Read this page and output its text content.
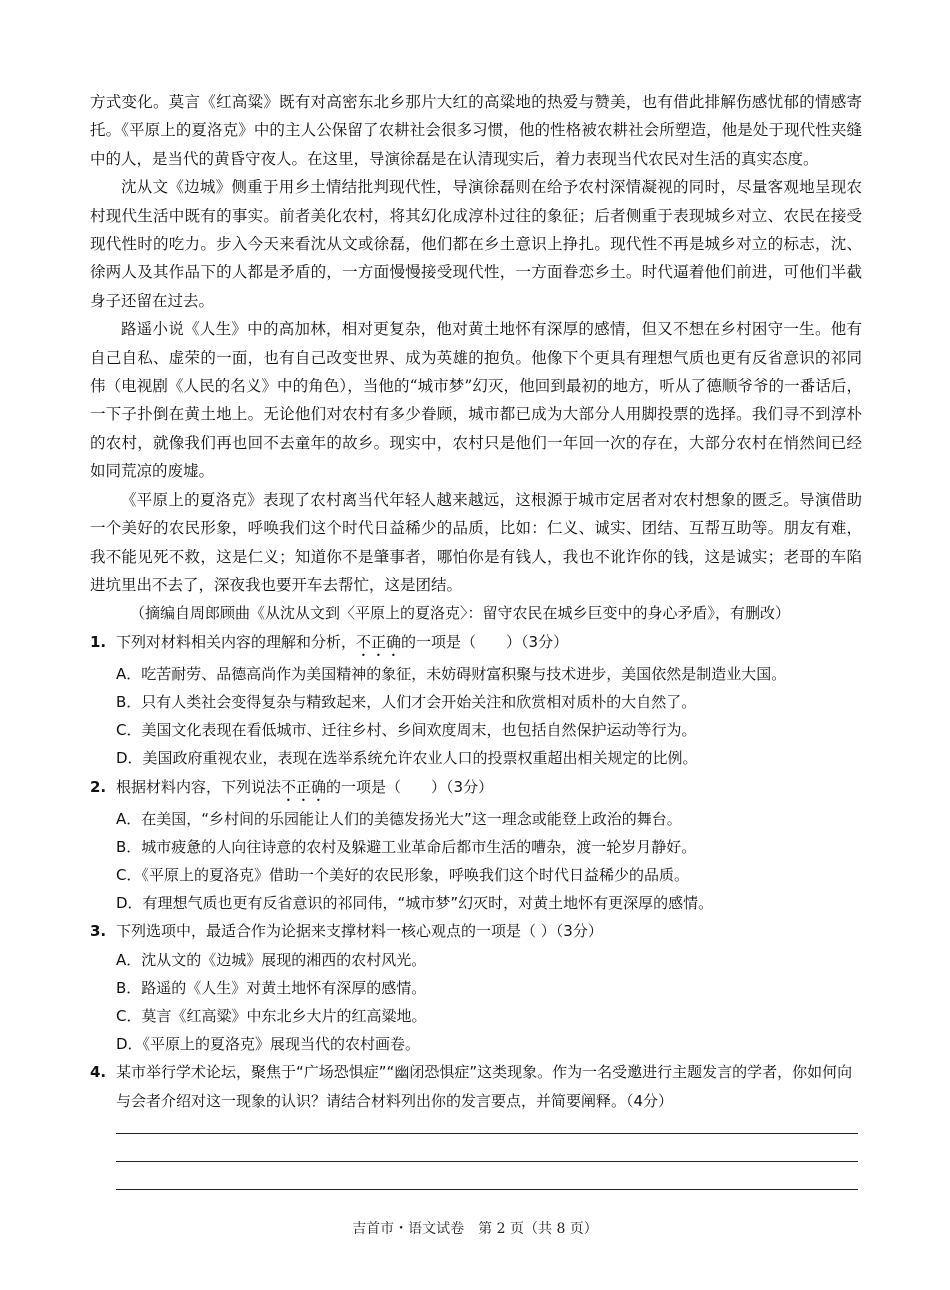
方式变化。莫言《红高粱》既有对高密东北乡那片大红的高粱地的热爱与赞美，也有借此排解伤感忧郁的情感寄托。《平原上的夏洛克》中的主人公保留了农耕社会很多习惯，他的性格被农耕社会所塑造，他是处于现代性夹缝中的人，是当代的黄昏守夜人。在这里，导演徐磊是在认清现实后，着力表现当代农民对生活的真实态度。

沈从文《边城》侧重于用乡土情结批判现代性，导演徐磊则在给予农村深情凝视的同时，尽量客观地呈现农村现代生活中既有的事实。前者美化农村，将其幻化成淳朴过往的象征；后者侧重于表现城乡对立、农民在接受现代性时的吃力。步入今天来看沈从文或徐磊，他们都在乡土意识上挣扎。现代性不再是城乡对立的标志，沈、徐两人及其作品下的人都是矛盾的，一方面慢慢接受现代性，一方面眷恋乡土。时代逼着他们前进，可他们半截身子还留在过去。

路遥小说《人生》中的高加林，相对更复杂，他对黄土地怀有深厚的感情，但又不想在乡村困守一生。他有自己自私、虚荣的一面，也有自己改变世界、成为英雄的抱负。他像下个更具有理想气质也更有反省意识的祁同伟（电视剧《人民的名义》中的角色），当他的“城市梦”幻灭，他回到最初的地方，听从了德顺爷爷的一番话后，一下子扑倒在黄土地上。无论他们对农村有多少眷顾，城市都已成为大部分人用脚投票的选择。我们寻不到淳朴的农村，就像我们再也回不去童年的故乡。现实中，农村只是他们一年回一次的存在，大部分农村在悄然间已经如同荒凉的废墟。

《平原上的夏洛克》表现了农村离当代年轻人越来越远，这根源于城市定居者对农村想象的匮乏。导演借助一个美好的农民形象，呼唤我们这个时代日益稀少的品质，比如：仁义、诚实、团结、互帮互助等。朋友有难，我不能见死不救，这是仁义；知道你不是肇事者，哪怕你是有钱人，我也不讹诈你的钱，这是诚实；老哥的车陷进坑里出不去了，深夜我也要开车去帮忙，这是团结。

（摘编自周郎顾曲《从沈从文到〈平原上的夏洛克〉：留守农民在城乡巨变中的身心矛盾》，有删改）

1. 下列对材料相关内容的理解和分析，不正确的一项是（　　）（3分）
A．吃苦耐劳、品德高尚作为美国精神的象征，未妨碍财富积聚与技术进步，美国依然是制造业大国。
B．只有人类社会变得复杂与精致起来，人们才会开始关注和欣赏相对质朴的大自然了。
C．美国文化表现在看低城市、迁往乡村、乡间欢度周末，也包括自然保护运动等行为。
D．美国政府重视农业，表现在选举系统允许农业人口的投票权重超出相关规定的比例。
2. 根据材料内容，下列说法不正确的一项是（　　）（3分）
A．在美国，“乡村间的乐园能让人们的美德发扬光大”这一理念或能登上政治的舞台。
B．城市疲惫的人向往诗意的农村及躲避工业革命后都市生活的嘈杂，渡一轮岁月静好。
C．《平原上的夏洛克》借助一个美好的农民形象，呼唤我们这个时代日益稀少的品质。
D．有理想气质也更有反省意识的祁同伟，“城市梦”幻灭时，对黄土地怀有更深厚的感情。
3. 下列选项中，最适合作为论据来支撑材料一核心观点的一项是（ ）（3分）
A．沈从文的《边城》展现的湘西的农村风光。
B．路遥的《人生》对黄土地怀有深厚的感情。
C．莫言《红高粱》中东北乡大片的红高粱地。
D．《平原上的夏洛克》展现当代的农村画卷。
4. 某市举行学术论坛，聚焦于“广场恐惧症”“幽闭恐惧症”这类现象。作为一名受邀进行主题发言的学者，你如何向与会者介绍对这一现象的认识？请结合材料列出你的发言要点，并简要阐释。（4分）
吉首市・语文试卷　第 2 页（共 8 页）
